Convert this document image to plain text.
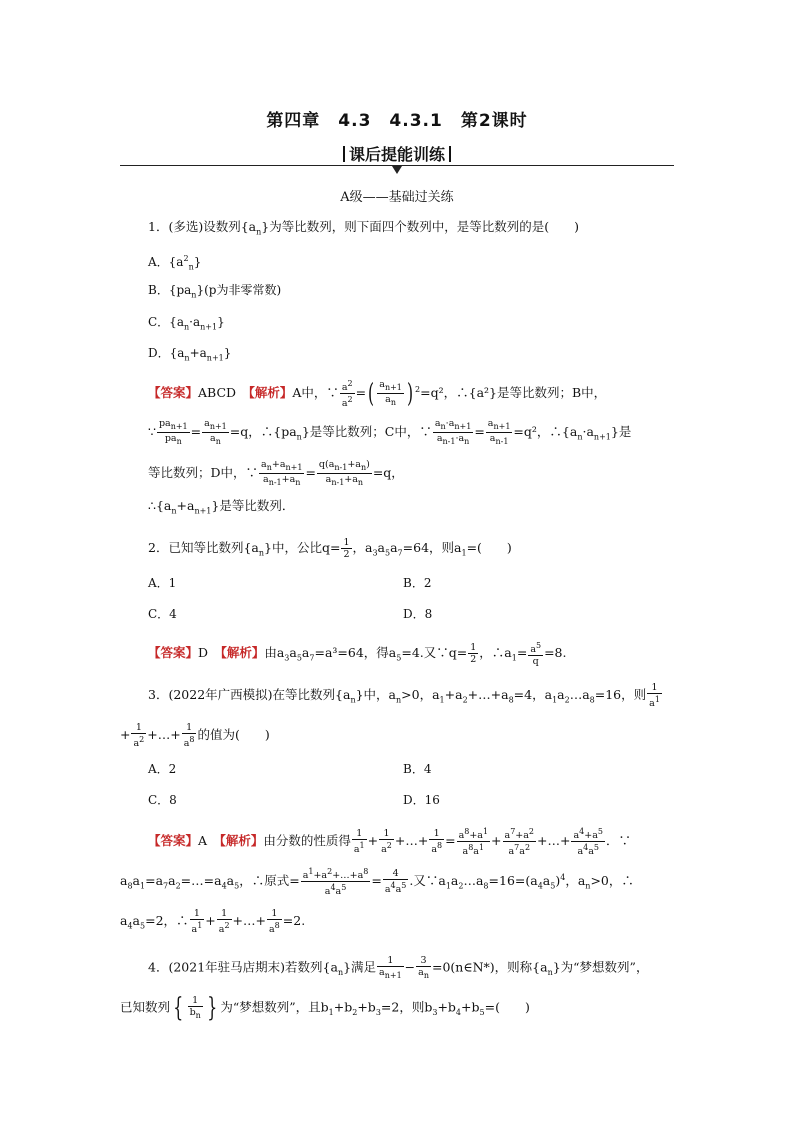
第四章　4.3　4.3.1　第2课时
课后提能训练
A级——基础过关练
1．(多选)设数列$\{a_n\}$为等比数列，则下面四个数列中，是等比数列的是(　　)
A．$\{a^2_n\}$
B．$\{pa_n\}(p$为非零常数)
C．$\{a_n\cdot a_{n+1}\}$
D．$\{a_n+a_{n+1}\}$
【答案】ABCD　 【解析】A中，∵ $\frac{a^2}{a^2}$ =( $\frac{a_{n+1}}{a_n}$ ) $^2$=q²，∴{a²}是等比数列；B中，
∵ $\frac{pa_{n+1}}{pa_n} = \frac{a_{n+1}}{a_n} =q$，$\therefore\{pa_n\}$是等比数列；C中，∵ $\frac{a_n\cdot a_{n+1}}{a_{n-1}\cdot a_n} = \frac{a_{n+1}}{a_{n-1}} =q^2$，$\therefore\{a_n\cdot a_{n+1}\}$是
等比数列；D中，∵ $\frac{a_n+a_{n+1}}{a_{n-1}+a_n} = \frac{q(a_{n-1}+a_n)}{a_{n-1}+a_n} =q$，
$\therefore\{a_n+a_{n+1}\}$是等比数列．
2．已知等比数列$\{a_n\}$中，公比$q= \frac{1}{2}$ ，$a_3a_5a_7=64$，则$a_1=$(　　)
A．1	B．2
C．4	D．8
【答案】D　 【解析】由$a_3a_5a_7=a^3=64$，得$a_5=4$.又∵q= $\frac{1}{2}$ ，$\therefore a_1= \frac{a^5}{q} =8$.
3．(2022年广西模拟)在等比数列$\{a_n\}$中，$a_n>0$，$a_1+a_2+\dots+a_8=4$，$a_1a_2\dots a_8=16$，则 $\frac{1}{a^1}$
+ $\frac{1}{a^2}$ +…+ $\frac{1}{a^8}$ 的值为(　　)
A．2	B．4
C．8	D．16
【答案】A　 【解析】由分数的性质得 $\frac{1}{a^1} + \frac{1}{a^2}$ +…+ $\frac{1}{a^8} = \frac{a^8+a^1}{a^8a^1} + \frac{a^7+a^2}{a^7a^2}$ +…+ $\frac{a^4+a^5}{a^4a^5}$ ．∵
$a_8a_1=a_7a_2=\dots=a_4a_5$，∴原式= $\frac{a^1+a^2+\dots+a^8}{a^4a^5} = \frac{4}{a^4a^5}$ .又$\because a_1a_2\dots a_8=16=(a_4a_5)^4$，$a_n>0$，∴
$a_4a_5=2$，∴ $\frac{1}{a^1} + \frac{1}{a^2}$ +…+ $\frac{1}{a^8} =2$.
4．(2021年驻马店期末)若数列$\{a_n\}$满足 $\frac{1}{a_{n+1}} - \frac{3}{a_n}$ =0(n∈N*)，则称$\{a_n\}$为“梦想数列”，
已知数列 { $\frac{1}{b_n}$ } 为“梦想数列”，且$b_1+b_2+b_3=2$，则$b_3+b_4+b_5=$(　　)
